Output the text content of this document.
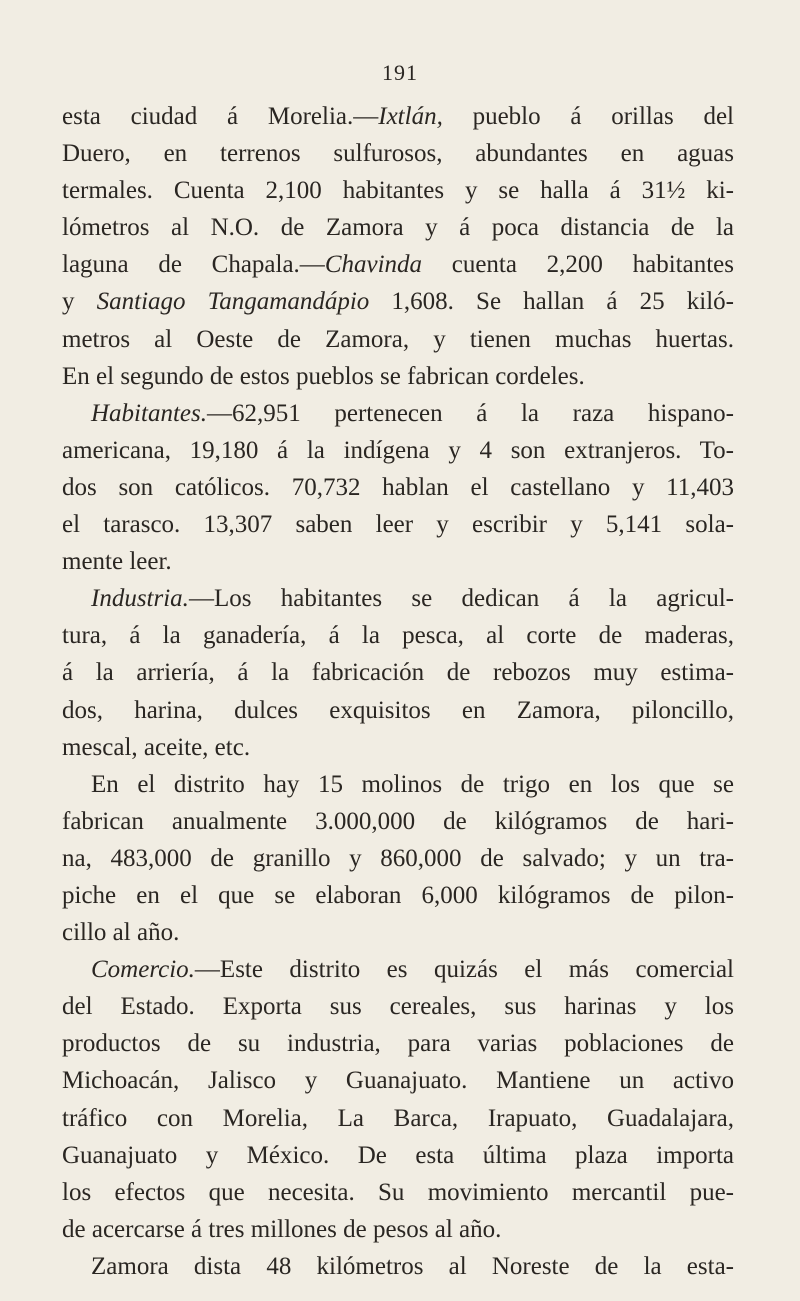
191
esta ciudad á Morelia.—Ixtlán, pueblo á orillas del
Duero, en terrenos sulfurosos, abundantes en aguas
termales. Cuenta 2,100 habitantes y se halla á 31½ ki-
lómetros al N.O. de Zamora y á poca distancia de la
laguna de Chapala.—Chavinda cuenta 2,200 habitantes
y Santiago Tangamandápio 1,608. Se hallan á 25 kiló-
metros al Oeste de Zamora, y tienen muchas huertas.
En el segundo de estos pueblos se fabrican cordeles.
Habitantes.—62,951 pertenecen á la raza hispano-
americana, 19,180 á la indígena y 4 son extranjeros. To-
dos son católicos. 70,732 hablan el castellano y 11,403
el tarasco. 13,307 saben leer y escribir y 5,141 sola-
mente leer.
Industria.—Los habitantes se dedican á la agricul-
tura, á la ganadería, á la pesca, al corte de maderas,
á la arriería, á la fabricación de rebozos muy estima-
dos, harina, dulces exquisitos en Zamora, piloncillo,
mescal, aceite, etc.
En el distrito hay 15 molinos de trigo en los que se
fabrican anualmente 3.000,000 de kilógramos de hari-
na, 483,000 de granillo y 860,000 de salvado; y un tra-
piche en el que se elaboran 6,000 kilógramos de pilon-
cillo al año.
Comercio.—Este distrito es quizás el más comercial
del Estado. Exporta sus cereales, sus harinas y los
productos de su industria, para varias poblaciones de
Michoacán, Jalisco y Guanajuato. Mantiene un activo
tráfico con Morelia, La Barca, Irapuato, Guadalajara,
Guanajuato y México. De esta última plaza importa
los efectos que necesita. Su movimiento mercantil pue-
de acercarse á tres millones de pesos al año.
Zamora dista 48 kilómetros al Noreste de la esta-
